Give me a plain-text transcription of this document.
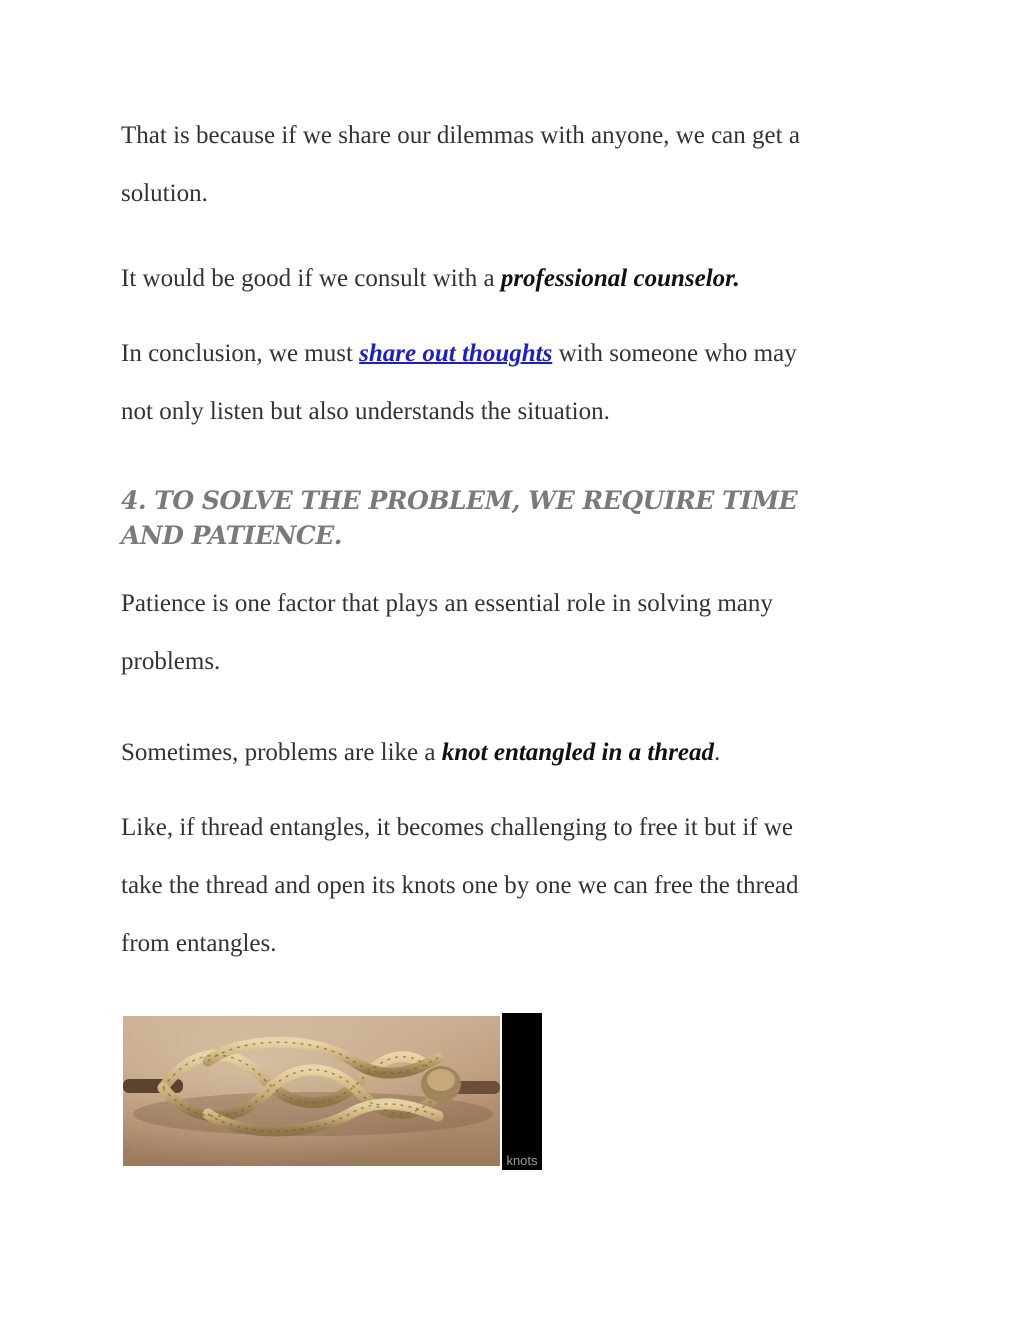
That is because if we share our dilemmas with anyone, we can get a

solution.

It would be good if we consult with a professional counselor.

In conclusion, we must share out thoughts with someone who may

not only listen but also understands the situation.

4. TO SOLVE THE PROBLEM, WE REQUIRE TIME
AND PATIENCE.

Patience is one factor that plays an essential role in solving many

problems.

Sometimes, problems are like a knot entangled in a thread.

Like, if thread entangles, it becomes challenging to free it but if we

take the thread and open its knots one by one we can free the thread

from entangles.

knots
